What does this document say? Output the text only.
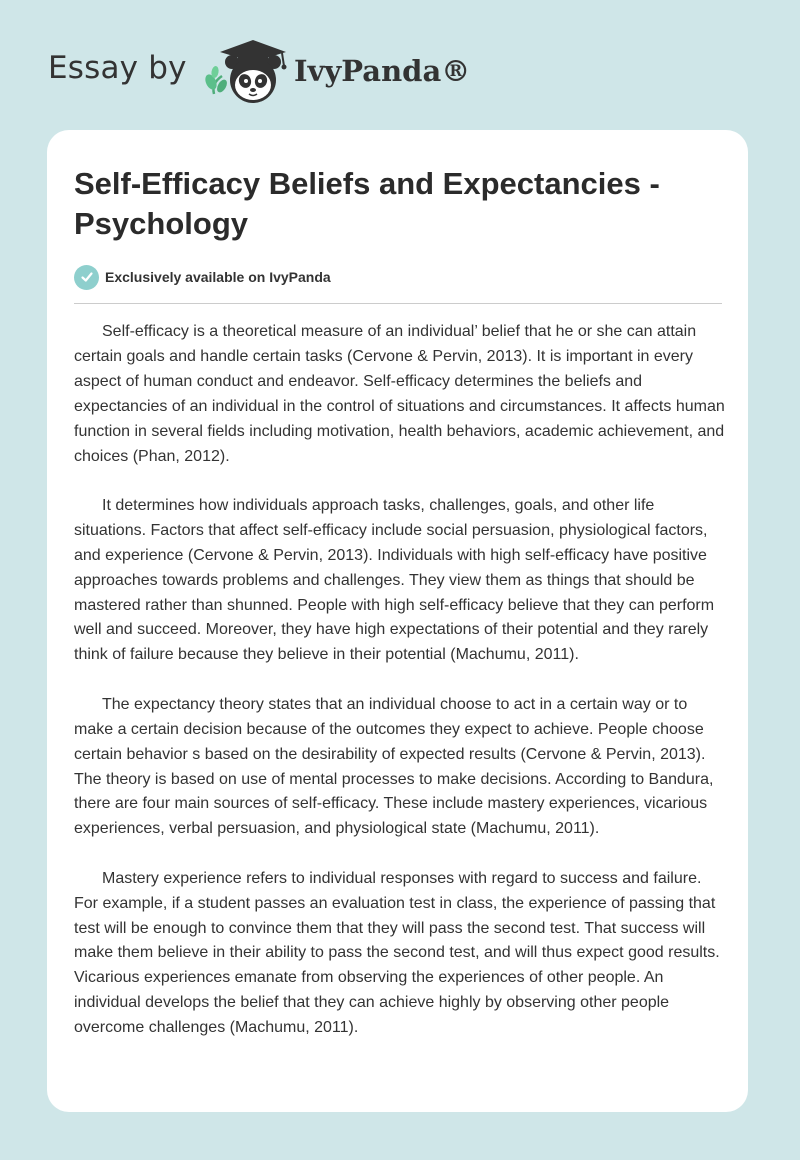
Essay by	IvyPanda®
Self-Efficacy Beliefs and Expectancies - Psychology
Exclusively available on IvyPanda

Self-efficacy is a theoretical measure of an individual’ belief that he or she can attain certain goals and handle certain tasks (Cervone & Pervin, 2013). It is important in every aspect of human conduct and endeavor. Self-efficacy determines the beliefs and expectancies of an individual in the control of situations and circumstances. It affects human function in several fields including motivation, health behaviors, academic achievement, and choices (Phan, 2012).

It determines how individuals approach tasks, challenges, goals, and other life situations. Factors that affect self-efficacy include social persuasion, physiological factors, and experience (Cervone & Pervin, 2013). Individuals with high self-efficacy have positive approaches towards problems and challenges. They view them as things that should be mastered rather than shunned. People with high self-efficacy believe that they can perform well and succeed. Moreover, they have high expectations of their potential and they rarely think of failure because they believe in their potential (Machumu, 2011).

The expectancy theory states that an individual choose to act in a certain way or to make a certain decision because of the outcomes they expect to achieve. People choose certain behavior s based on the desirability of expected results (Cervone & Pervin, 2013). The theory is based on use of mental processes to make decisions. According to Bandura, there are four main sources of self-efficacy. These include mastery experiences, vicarious experiences, verbal persuasion, and physiological state (Machumu, 2011).

Mastery experience refers to individual responses with regard to success and failure. For example, if a student passes an evaluation test in class, the experience of passing that test will be enough to convince them that they will pass the second test. That success will make them believe in their ability to pass the second test, and will thus expect good results. Vicarious experiences emanate from observing the experiences of other people. An individual develops the belief that they can achieve highly by observing other people overcome challenges (Machumu, 2011).
